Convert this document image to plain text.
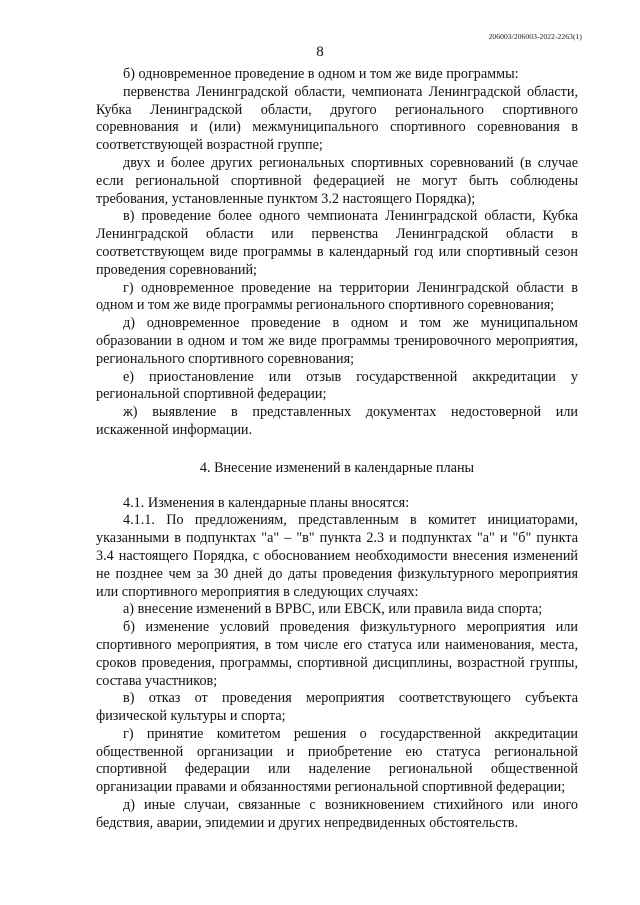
206003/206003-2022-2263(1)
8

б) одновременное проведение в одном и том же виде программы:

первенства Ленинградской области, чемпионата Ленинградской области, Кубка Ленинградской области, другого регионального спортивного соревнования и (или) межмуниципального спортивного соревнования в соответствующей возрастной группе;

двух и более других региональных спортивных соревнований (в случае если региональной спортивной федерацией не могут быть соблюдены требования, установленные пунктом 3.2 настоящего Порядка);

в) проведение более одного чемпионата Ленинградской области, Кубка Ленинградской области или первенства Ленинградской области в соответствующем виде программы в календарный год или спортивный сезон проведения соревнований;

г) одновременное проведение на территории Ленинградской области в одном и том же виде программы регионального спортивного соревнования;

д) одновременное проведение в одном и том же муниципальном образовании в одном и том же виде программы тренировочного мероприятия, регионального спортивного соревнования;

е) приостановление или отзыв государственной аккредитации у региональной спортивной федерации;

ж) выявление в представленных документах недостоверной или искаженной информации.

4. Внесение изменений в календарные планы

4.1. Изменения в календарные планы вносятся:

4.1.1. По предложениям, представленным в комитет инициаторами, указанными в подпунктах "а" – "в" пункта 2.3 и подпунктах "а" и "б" пункта 3.4 настоящего Порядка, с обоснованием необходимости внесения изменений не позднее чем за 30 дней до даты проведения физкультурного мероприятия или спортивного мероприятия в следующих случаях:

а) внесение изменений в ВРВС, или ЕВСК, или правила вида спорта;

б) изменение условий проведения физкультурного мероприятия или спортивного мероприятия, в том числе его статуса или наименования, места, сроков проведения, программы, спортивной дисциплины, возрастной группы, состава участников;

в) отказ от проведения мероприятия соответствующего субъекта физической культуры и спорта;

г) принятие комитетом решения о государственной аккредитации общественной организации и приобретение ею статуса региональной спортивной федерации или наделение региональной общественной организации правами и обязанностями региональной спортивной федерации;

д) иные случаи, связанные с возникновением стихийного или иного бедствия, аварии, эпидемии и других непредвиденных обстоятельств.
